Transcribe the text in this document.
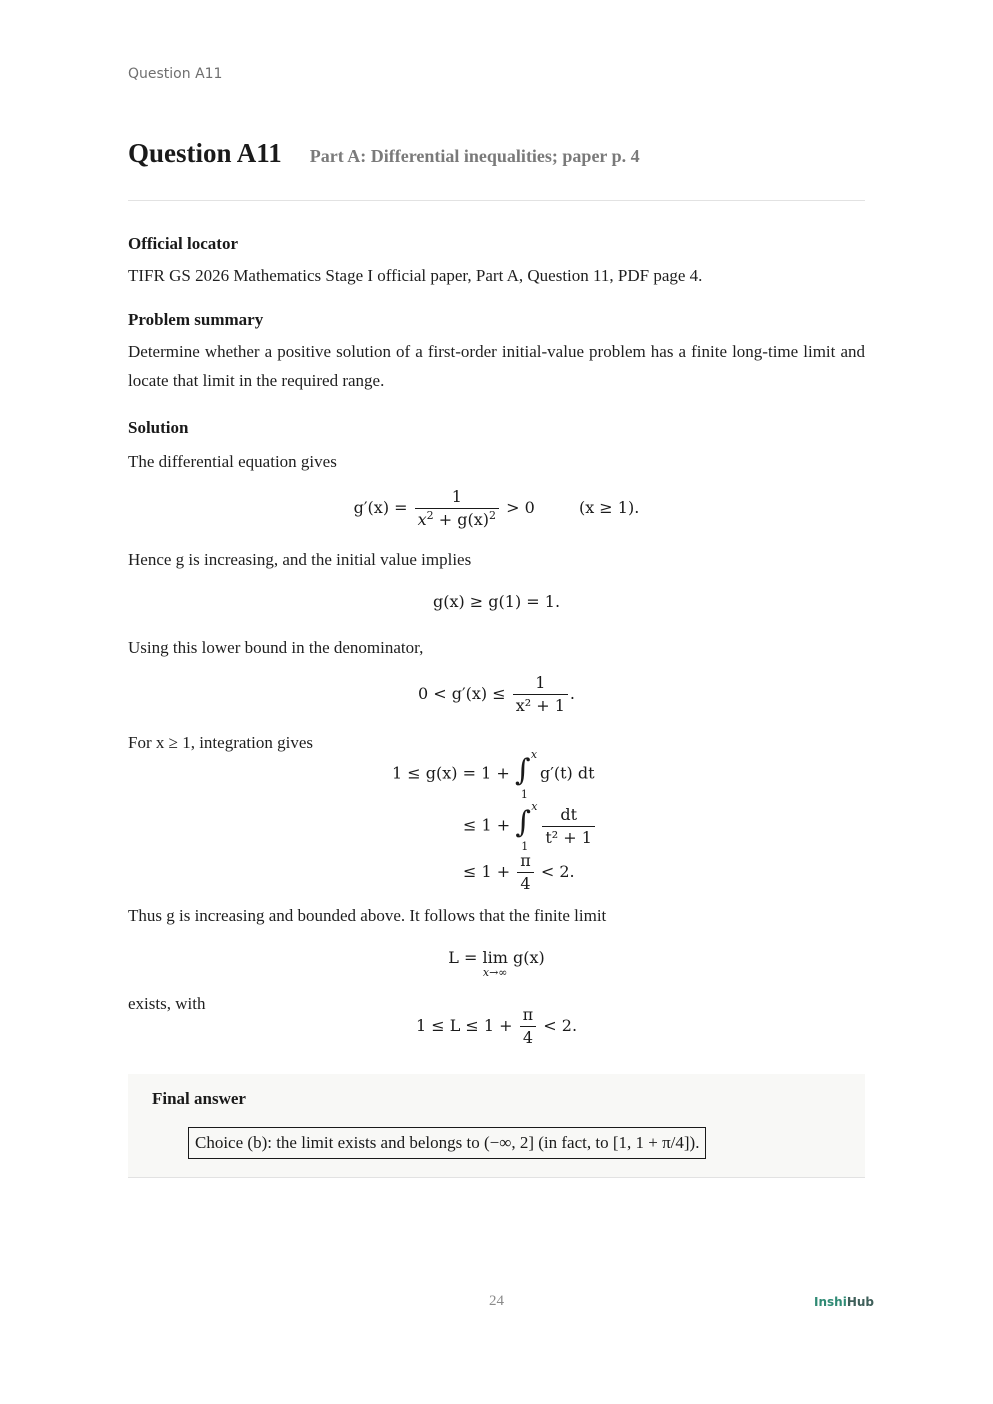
Question A11
Question A11 Part A: Differential inequalities; paper p. 4
Official locator
TIFR GS 2026 Mathematics Stage I official paper, Part A, Question 11, PDF page 4.
Problem summary
Determine whether a positive solution of a first-order initial-value problem has a finite long-time limit and locate that limit in the required range.
Solution
The differential equation gives
$g'(x) = \frac{1}{x^2 + g(x)^2} > 0$	(x ≥ 1).
Hence g is increasing, and the initial value implies
g(x) ≥ g(1) = 1.
Using this lower bound in the denominator,
$0 < g'(x) \le \frac{1}{\text{x² + 1}}$ .
For x ≥ 1, integration gives
1 ≤ g(x) = 1 + ∫ x
1
g′(t) dt
≤ 1 + ∫ x
1
$\frac{dt}{\text{t² + 1}}$
≤ $1 + \frac{\pi}{4} < 2$.
Thus g is increasing and bounded above. It follows that the finite limit
L = lim
x→∞
g(x)
exists, with
$1 \le L \le 1 + \frac{\pi}{4} < 2$.
Final answer
Choice (b): the limit exists and belongs to (−∞, 2] (in fact, to [1, 1 + π/4]).
24	InshiHub
